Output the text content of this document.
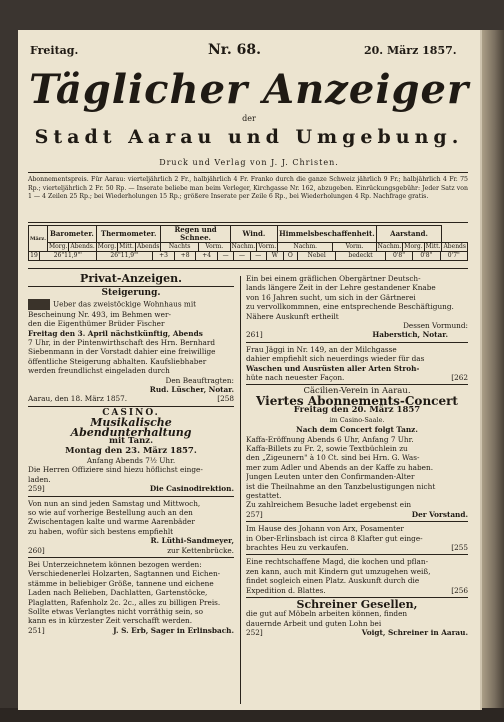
Freitag.	Nr. 68.	20. März 1857.
Täglicher Anzeiger
der
Stadt Aarau und Umgebung.
Druck und Verlag von J. J. Christen.
Abonnementspreis. Für Aarau: vierteljährlich 2 Fr., halbjährlich 4 Fr. Franko durch die ganze Schweiz jährlich 9 Fr.; halbjährlich 4 Fr. 75 Rp.; vierteljährlich 2 Fr. 50 Rp. — Inserate beliebe man beim Verleger, Kirchgasse Nr. 162, abzugeben. Einrückungsgebühr: Jeder Satz von 1 — 4 Zeilen 25 Rp.; bei Wiederholungen 15 Rp.; größere Inserate per Zeile 6 Rp., bei Wiederholungen 4 Rp. Nachfrage gratis.
März.	Barometer.		Thermometer.			Regen und Schnee.		Wind.		Himmelsbeschaffenheit.		Aarstand.			
	Morg.	Abends.	Morg.	Mitt.	Abends	Nachts	Vorm.	Nachm.	Vorm.	Nachm.	Vorm.	Nachm.	Morg.	Mitt.	Abends
19	26"11,9"'	26"11,9"'	+3	+8	+4	—	—	—	W	O	Nebel	bedeckt	0'8"	0'8"	0'7"
Privat-Anzeigen.
Steigerung.
Ueber das zweistöckige Wohnhaus mit
Bescheinung Nr. 493, im Behmen wer-
den die Eigenthümer Brüder Fischer
Freitag den 3. April nächstkünftig, Abends
7 Uhr, in der Pintenwirthschaft des Hrn. Bernhard
Siebenmann in der Vorstadt dahier eine freiwillige
öffentliche Steigerung abhalten. Kaufsliebhaber
werden freundlichst eingeladen durch
Den Beauftragten:
Rud. Lüscher, Notar.
Aarau, den 18. März 1857.	[258
CASINO.
Musikalische Abendunterhaltung
mit Tanz.
Montag den 23. März 1857.
Anfang Abends 7½ Uhr.
Die Herren Offiziere sind hiezu höflichst einge-
laden.
259]	Die Casinodirektion.
Von nun an sind jeden Samstag und Mittwoch,
so wie auf vorherige Bestellung auch an den
Zwischentagen kalte und warme Aarenbäder
zu haben, wofür sich bestens empfiehlt
R. Lüthi-Sandmeyer,
260]	zur Kettenbrücke.
Bei Unterzeichnetem können bezogen werden:
Verschiedenerlei Holzarten, Sagtannen und Eichen-
stämme in beliebiger Größe, tannene und eichene
Laden nach Belieben, Dachlatten, Gartenstöcke,
Plaglatten, Rafenholz 2c. 2c., alles zu billigen Preis.
Sollte etwas Verlangtes nicht vorräthig sein, so
kann es in kürzester Zeit verschafft werden.
251]	J. S. Erb, Sager in Erlinsbach.
Ein bei einem gräflichen Obergärtner Deutsch-
lands längere Zeit in der Lehre gestandener Knabe
von 16 Jahren sucht, um sich in der Gärtnerei
zu vervollkommnen, eine entsprechende Beschäftigung.
Nähere Auskunft ertheilt
Dessen Vormund:
261]	Haberstich, Notar.
Frau Jäggi in Nr. 149, an der Milchgasse
dahier empfiehlt sich neuerdings wieder für das
Waschen und Ausrüsten aller Arten Stroh-
hüte nach neuester Façon.	[262
Cäcilien-Verein in Aarau.
Viertes Abonnements-Concert
Freitag den 20. März 1857
im Casino-Saale.
Nach dem Concert folgt Tanz.
Kaffa-Eröffnung Abends 6 Uhr, Anfang 7 Uhr.
Kaffa-Billets zu Fr. 2, sowie Textbüchlein zu
den „Zigeunern" à 10 Ct. sind bei Hrn. G. Was-
mer zum Adler und Abends an der Kaffe zu haben.
Jungen Leuten unter den Confirmanden-Alter
ist die Theilnahme an den Tanzbelustigungen nicht
gestattet.
Zu zahlreichem Besuche ladet ergebenst ein
257]	Der Vorstand.
Im Hause des Johann von Arx, Posamenter
in Ober-Erlinsbach ist circa 8 Klafter gut einge-
brachtes Heu zu verkaufen.	[255
Eine rechtschaffene Magd, die kochen und pflan-
zen kann, auch mit Kindern gut umzugehen weiß,
findet sogleich einen Platz. Auskunft durch die
Expedition d. Blattes.	[256
Schreiner Gesellen,
die gut auf Möbeln arbeiten können, finden
dauernde Arbeit und guten Lohn bei
252]	Voigt, Schreiner in Aarau.
